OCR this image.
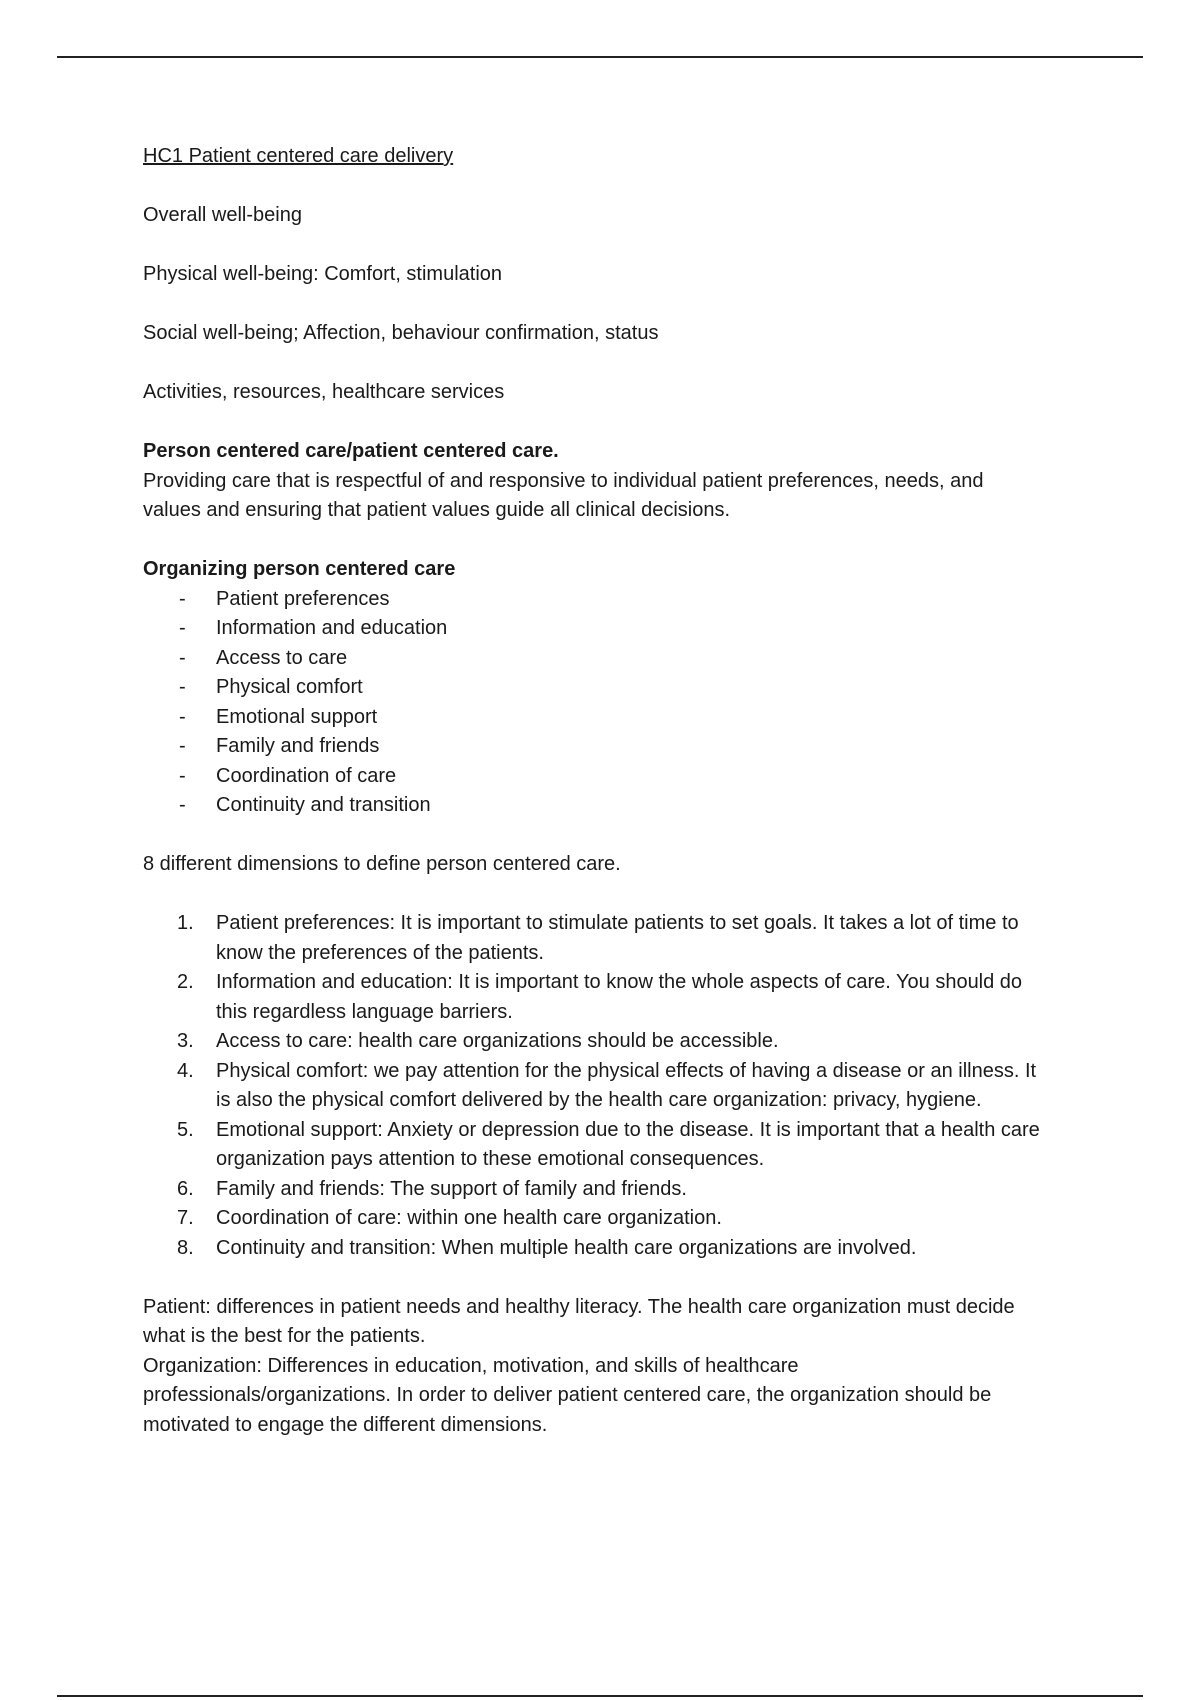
HC1 Patient centered care delivery

Overall well-being

Physical well-being: Comfort, stimulation

Social well-being; Affection, behaviour confirmation, status

Activities, resources, healthcare services

Person centered care/patient centered care.

Providing care that is respectful of and responsive to individual patient preferences, needs, and values and ensuring that patient values guide all clinical decisions.

Organizing person centered care

- Patient preferences
- Information and education
- Access to care
- Physical comfort
- Emotional support
- Family and friends
- Coordination of care
- Continuity and transition

8 different dimensions to define person centered care.

1. Patient preferences: It is important to stimulate patients to set goals. It takes a lot of time to know the preferences of the patients.
2. Information and education: It is important to know the whole aspects of care. You should do this regardless language barriers.
3. Access to care: health care organizations should be accessible.
4. Physical comfort: we pay attention for the physical effects of having a disease or an illness. It is also the physical comfort delivered by the health care organization: privacy, hygiene.
5. Emotional support: Anxiety or depression due to the disease. It is important that a health care organization pays attention to these emotional consequences.
6. Family and friends: The support of family and friends.
7. Coordination of care: within one health care organization.
8. Continuity and transition: When multiple health care organizations are involved.

Patient: differences in patient needs and healthy literacy. The health care organization must decide what is the best for the patients.

Organization: Differences in education, motivation, and skills of healthcare professionals/organizations. In order to deliver patient centered care, the organization should be motivated to engage the different dimensions.
